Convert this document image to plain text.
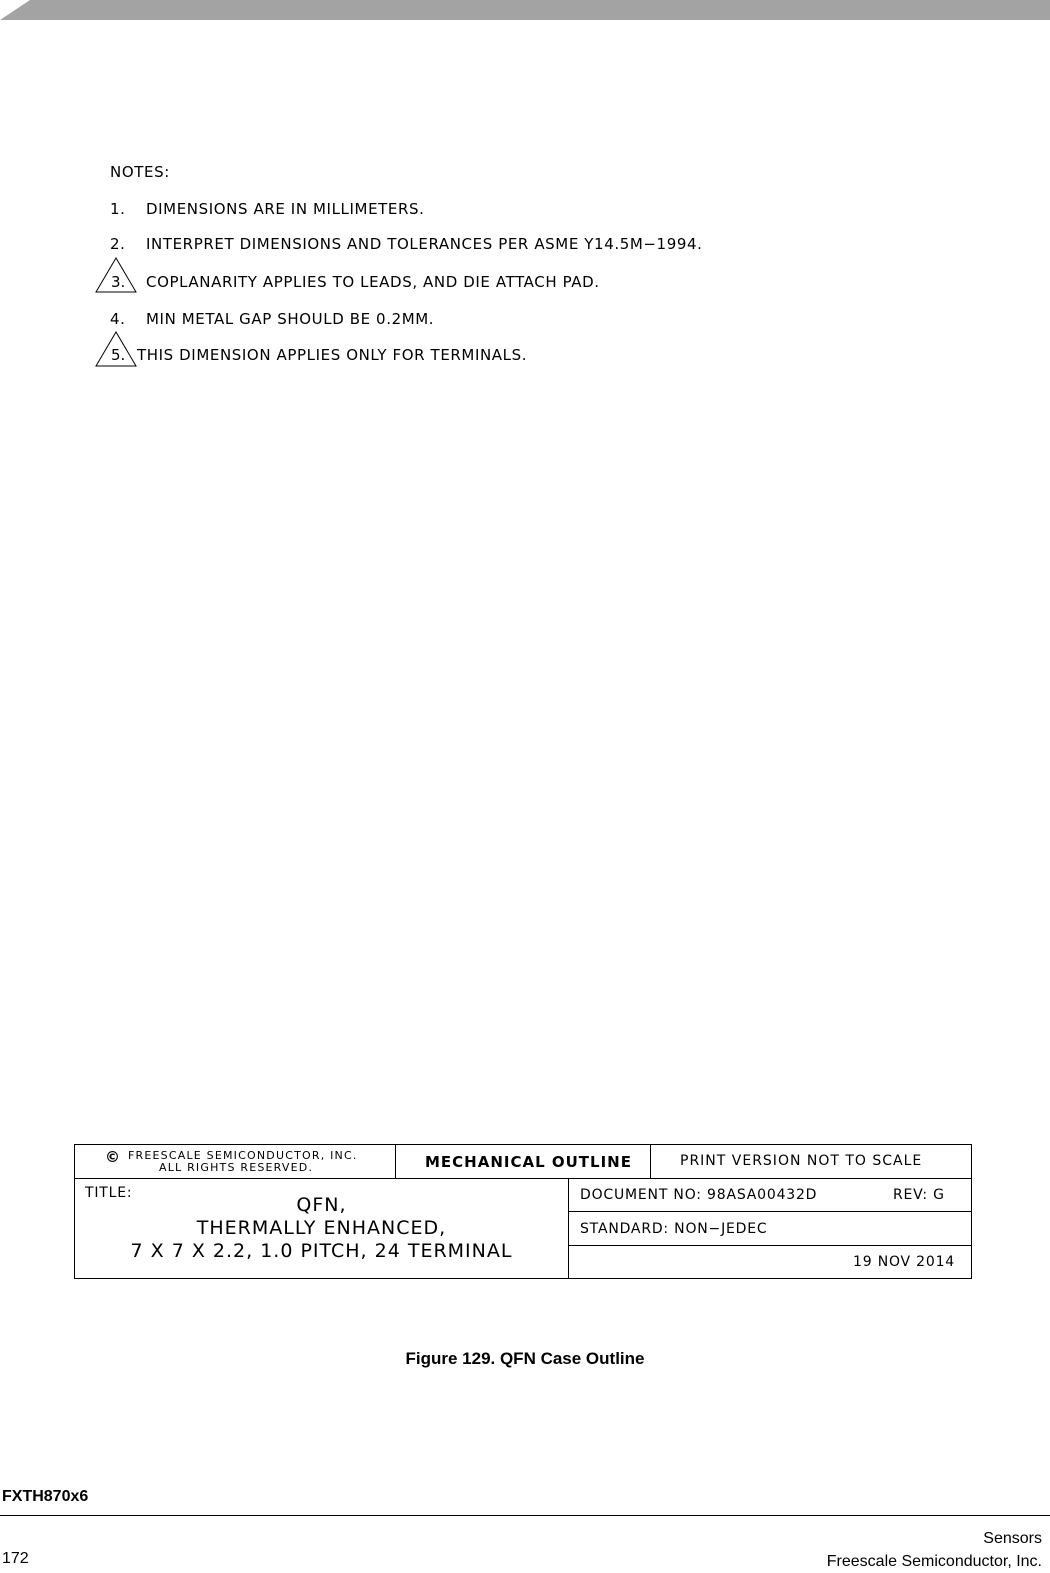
NOTES:
1. DIMENSIONS ARE IN MILLIMETERS.
2. INTERPRET DIMENSIONS AND TOLERANCES PER ASME Y14.5M−1994.
3. COPLANARITY APPLIES TO LEADS, AND DIE ATTACH PAD.
4. MIN METAL GAP SHOULD BE 0.2MM.
5. THIS DIMENSION APPLIES ONLY FOR TERMINALS.
© FREESCALE SEMICONDUCTOR, INC.
ALL RIGHTS RESERVED.	MECHANICAL OUTLINE	PRINT VERSION NOT TO SCALE
TITLE:
QFN,
THERMALLY ENHANCED,
7 X 7 X 2.2, 1.0 PITCH, 24 TERMINAL
DOCUMENT NO: 98ASA00432D	REV: G
STANDARD: NON−JEDEC
19 NOV 2014
Figure 129. QFN Case Outline
FXTH870x6
Sensors
Freescale Semiconductor, Inc.
172
